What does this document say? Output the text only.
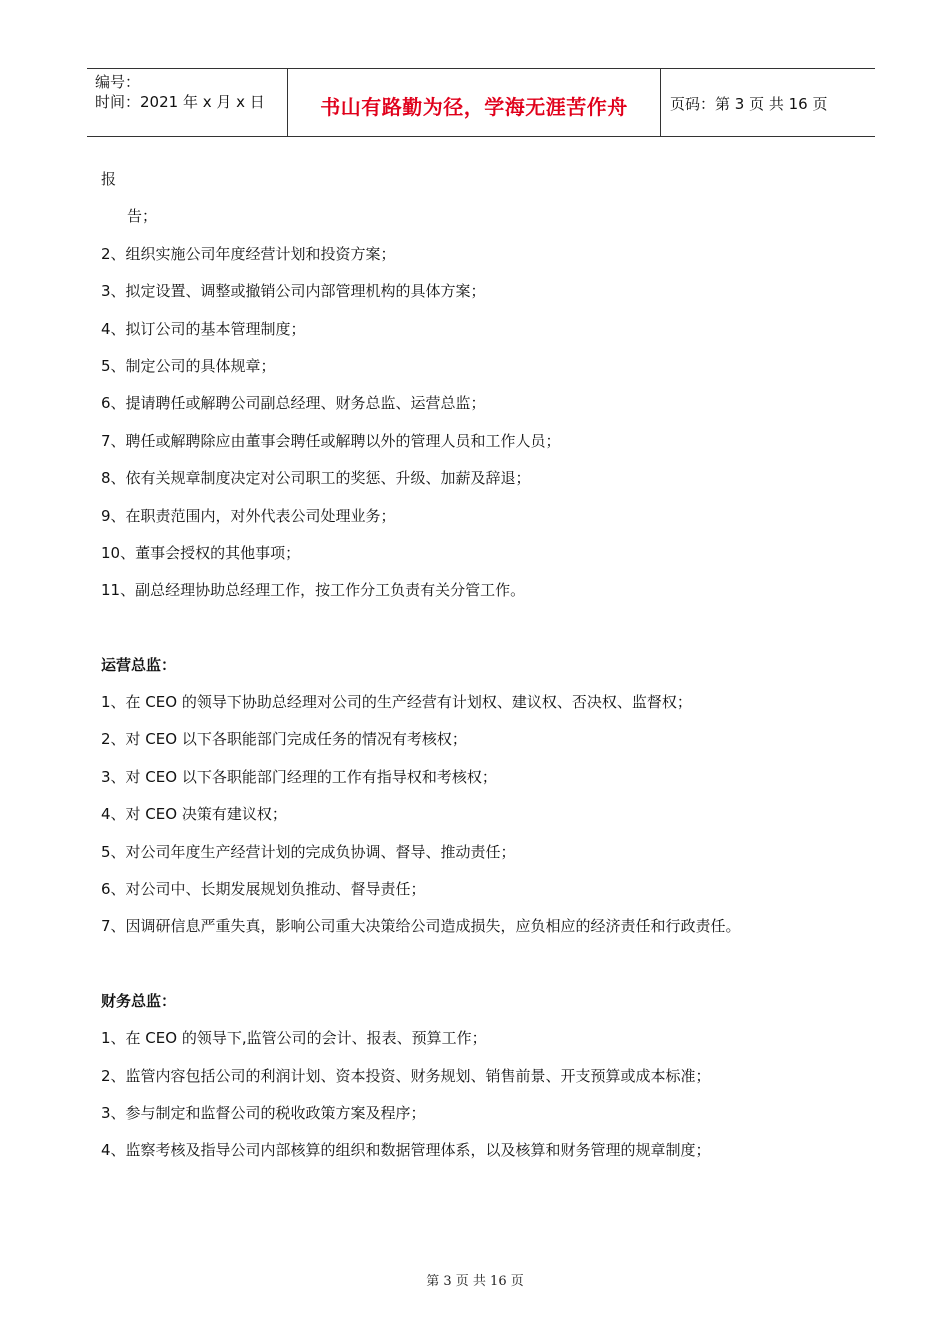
编号：
时间：2021 年 x 月 x 日	书山有路勤为径，学海无涯苦作舟	页码：第 3 页 共 16 页
报
告；
2、组织实施公司年度经营计划和投资方案；
3、拟定设置、调整或撤销公司内部管理机构的具体方案；
4、拟订公司的基本管理制度；
5、制定公司的具体规章；
6、提请聘任或解聘公司副总经理、财务总监、运营总监；
7、聘任或解聘除应由董事会聘任或解聘以外的管理人员和工作人员；
8、依有关规章制度决定对公司职工的奖惩、升级、加薪及辞退；
9、在职责范围内，对外代表公司处理业务；
10、董事会授权的其他事项；
11、副总经理协助总经理工作，按工作分工负责有关分管工作。
运营总监：
1、在 CEO 的领导下协助总经理对公司的生产经营有计划权、建议权、否决权、监督权；
2、对 CEO 以下各职能部门完成任务的情况有考核权；
3、对 CEO 以下各职能部门经理的工作有指导权和考核权；
4、对 CEO 决策有建议权；
5、对公司年度生产经营计划的完成负协调、督导、推动责任；
6、对公司中、长期发展规划负推动、督导责任；
7、因调研信息严重失真，影响公司重大决策给公司造成损失，应负相应的经济责任和行政责任。
财务总监：
1、在 CEO 的领导下,监管公司的会计、报表、预算工作；
2、监管内容包括公司的利润计划、资本投资、财务规划、销售前景、开支预算或成本标准；
3、参与制定和监督公司的税收政策方案及程序；
4、监察考核及指导公司内部核算的组织和数据管理体系，以及核算和财务管理的规章制度；
第 3 页 共 16 页
